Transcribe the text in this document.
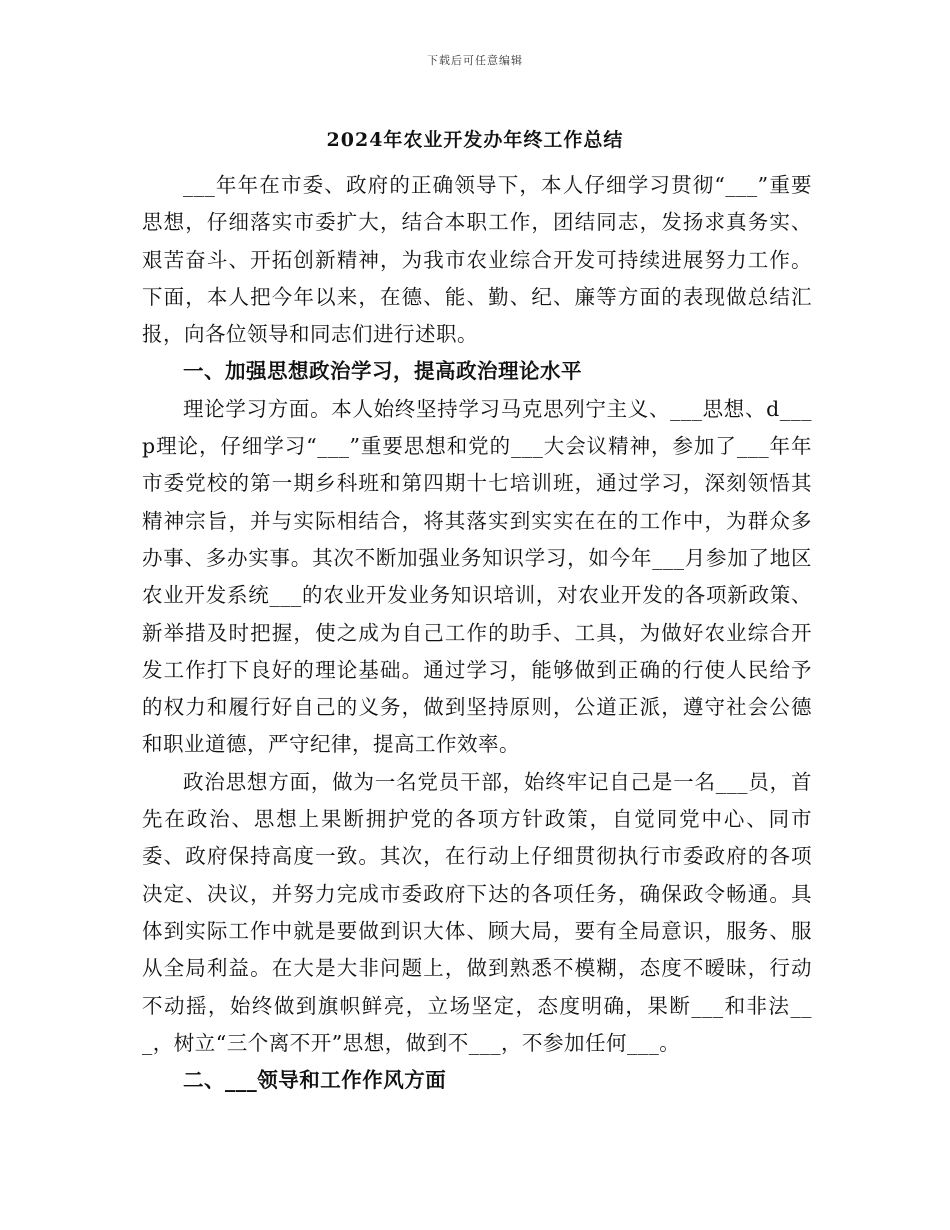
下载后可任意编辑
2024年农业开发办年终工作总结

___年年在市委、政府的正确领导下，本人仔细学习贯彻“___”重要思想，仔细落实市委扩大，结合本职工作，团结同志，发扬求真务实、艰苦奋斗、开拓创新精神，为我市农业综合开发可持续进展努力工作。下面，本人把今年以来，在德、能、勤、纪、廉等方面的表现做总结汇报，向各位领导和同志们进行述职。

一、加强思想政治学习，提高政治理论水平

理论学习方面。本人始终坚持学习马克思列宁主义、___思想、d___p理论，仔细学习“___”重要思想和党的___大会议精神，参加了___年年市委党校的第一期乡科班和第四期十七培训班，通过学习，深刻领悟其精神宗旨，并与实际相结合，将其落实到实实在在的工作中，为群众多办事、多办实事。其次不断加强业务知识学习，如今年___月参加了地区农业开发系统___的农业开发业务知识培训，对农业开发的各项新政策、新举措及时把握，使之成为自己工作的助手、工具，为做好农业综合开发工作打下良好的理论基础。通过学习，能够做到正确的行使人民给予的权力和履行好自己的义务，做到坚持原则，公道正派，遵守社会公德和职业道德，严守纪律，提高工作效率。

政治思想方面，做为一名党员干部，始终牢记自己是一名___员，首先在政治、思想上果断拥护党的各项方针政策，自觉同党中心、同市委、政府保持高度一致。其次，在行动上仔细贯彻执行市委政府的各项决定、决议，并努力完成市委政府下达的各项任务，确保政令畅通。具体到实际工作中就是要做到识大体、顾大局，要有全局意识，服务、服从全局利益。在大是大非问题上，做到熟悉不模糊，态度不暧昧，行动不动摇，始终做到旗帜鲜亮，立场坚定，态度明确，果断___和非法___，树立“三个离不开”思想，做到不___，不参加任何___。

二、___领导和工作作风方面
